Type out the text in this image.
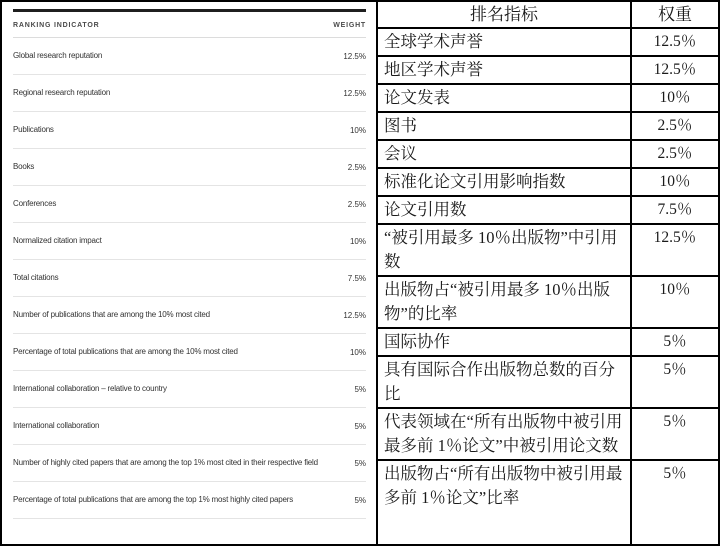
RANKING INDICATOR	WEIGHT
Global research reputation	12.5%
Regional research reputation	12.5%
Publications	10%
Books	2.5%
Conferences	2.5%
Normalized citation impact	10%
Total citations	7.5%
Number of publications that are among the 10% most cited	12.5%
Percentage of total publications that are among the 10% most cited	10%
International collaboration – relative to country	5%
International collaboration	5%
Number of highly cited papers that are among the top 1% most cited in their respective field	5%
Percentage of total publications that are among the top 1% most highly cited papers	5%
排名指标	权重
全球学术声誉	12.5％
地区学术声誉	12.5％
论文发表	10％
图书	2.5％
会议	2.5％
标准化论文引用影响指数	10％
论文引用数	7.5％
“被引用最多 10％出版物”中引用数
12.5％
出版物占“被引用最多 10％出版物”的比率
10％
国际协作	5％
具有国际合作出版物总数的百分比
5％
代表领域在“所有出版物中被引用最多前 1％论文”中被引用论文数
5％
出版物占“所有出版物中被引用最多前 1％论文”比率
5％
